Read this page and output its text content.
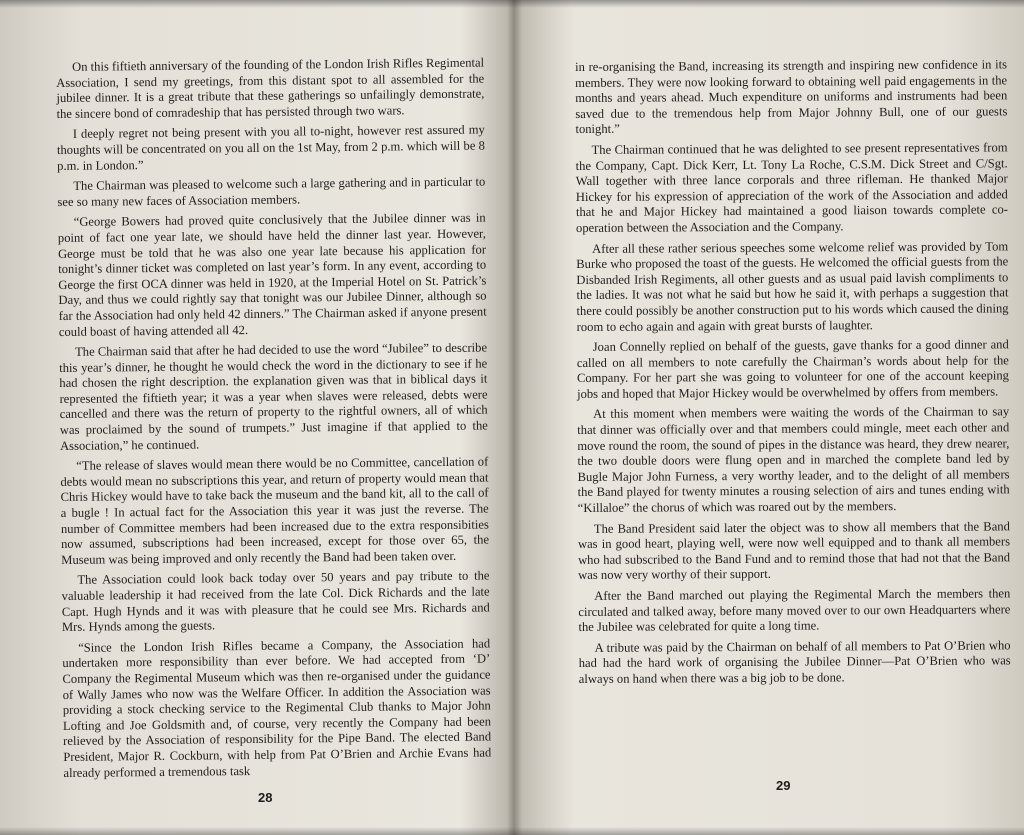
On this fiftieth anniversary of the founding of the London Irish Rifles Regimental Association, I send my greetings, from this distant spot to all assembled for the jubilee dinner. It is a great tribute that these gatherings so unfailingly demonstrate, the sincere bond of comradeship that has persisted through two wars.

I deeply regret not being present with you all to-night, however rest assured my thoughts will be concentrated on you all on the 1st May, from 2 p.m. which will be 8 p.m. in London.”

The Chairman was pleased to welcome such a large gathering and in particular to see so many new faces of Association members.

“George Bowers had proved quite conclusively that the Jubilee dinner was in point of fact one year late, we should have held the dinner last year. However, George must be told that he was also one year late because his application for tonight’s dinner ticket was completed on last year’s form. In any event, according to George the first OCA dinner was held in 1920, at the Imperial Hotel on St. Patrick’s Day, and thus we could rightly say that tonight was our Jubilee Dinner, although so far the Association had only held 42 dinners.” The Chairman asked if anyone present could boast of having attended all 42.

The Chairman said that after he had decided to use the word “Jubilee” to describe this year’s dinner, he thought he would check the word in the dictionary to see if he had chosen the right description. the explanation given was that in biblical days it represented the fiftieth year; it was a year when slaves were released, debts were cancelled and there was the return of property to the rightful owners, all of which was proclaimed by the sound of trumpets.” Just imagine if that applied to the Association,” he continued.

“The release of slaves would mean there would be no Committee, cancellation of debts would mean no subscriptions this year, and return of property would mean that Chris Hickey would have to take back the museum and the band kit, all to the call of a bugle ! In actual fact for the Association this year it was just the reverse. The number of Committee members had been increased due to the extra responsibities now assumed, subscriptions had been increased, except for those over 65, the Museum was being improved and only recently the Band had been taken over.

The Association could look back today over 50 years and pay tribute to the valuable leadership it had received from the late Col. Dick Richards and the late Capt. Hugh Hynds and it was with pleasure that he could see Mrs. Richards and Mrs. Hynds among the guests.

“Since the London Irish Rifles became a Company, the Association had undertaken more responsibility than ever before. We had accepted from ‘D’ Company the Regimental Museum which was then re-organised under the guidance of Wally James who now was the Welfare Officer. In addition the Association was providing a stock checking service to the Regimental Club thanks to Major John Lofting and Joe Goldsmith and, of course, very recently the Company had been relieved by the Association of responsibility for the Pipe Band. The elected Band President, Major R. Cockburn, with help from Pat O’Brien and Archie Evans had already performed a tremendous task

28

in re-organising the Band, increasing its strength and inspiring new confidence in its members. They were now looking forward to obtaining well paid engagements in the months and years ahead. Much expenditure on uniforms and instruments had been saved due to the tremendous help from Major Johnny Bull, one of our guests tonight.”

The Chairman continued that he was delighted to see present representatives from the Company, Capt. Dick Kerr, Lt. Tony La Roche, C.S.M. Dick Street and C/Sgt. Wall together with three lance corporals and three rifleman. He thanked Major Hickey for his expression of appreciation of the work of the Association and added that he and Major Hickey had maintained a good liaison towards complete co-operation between the Association and the Company.

After all these rather serious speeches some welcome relief was provided by Tom Burke who proposed the toast of the guests. He welcomed the official guests from the Disbanded Irish Regiments, all other guests and as usual paid lavish compliments to the ladies. It was not what he said but how he said it, with perhaps a suggestion that there could possibly be another construction put to his words which caused the dining room to echo again and again with great bursts of laughter.

Joan Connelly replied on behalf of the guests, gave thanks for a good dinner and called on all members to note carefully the Chairman’s words about help for the Company. For her part she was going to volunteer for one of the account keeping jobs and hoped that Major Hickey would be overwhelmed by offers from members.

At this moment when members were waiting the words of the Chairman to say that dinner was officially over and that members could mingle, meet each other and move round the room, the sound of pipes in the distance was heard, they drew nearer, the two double doors were flung open and in marched the complete band led by Bugle Major John Furness, a very worthy leader, and to the delight of all members the Band played for twenty minutes a rousing selection of airs and tunes ending with “Killaloe” the chorus of which was roared out by the members.

The Band President said later the object was to show all members that the Band was in good heart, playing well, were now well equipped and to thank all members who had subscribed to the Band Fund and to remind those that had not that the Band was now very worthy of their support.

After the Band marched out playing the Regimental March the members then circulated and talked away, before many moved over to our own Headquarters where the Jubilee was celebrated for quite a long time.

A tribute was paid by the Chairman on behalf of all members to Pat O’Brien who had had the hard work of organising the Jubilee Dinner—Pat O’Brien who was always on hand when there was a big job to be done.

29
